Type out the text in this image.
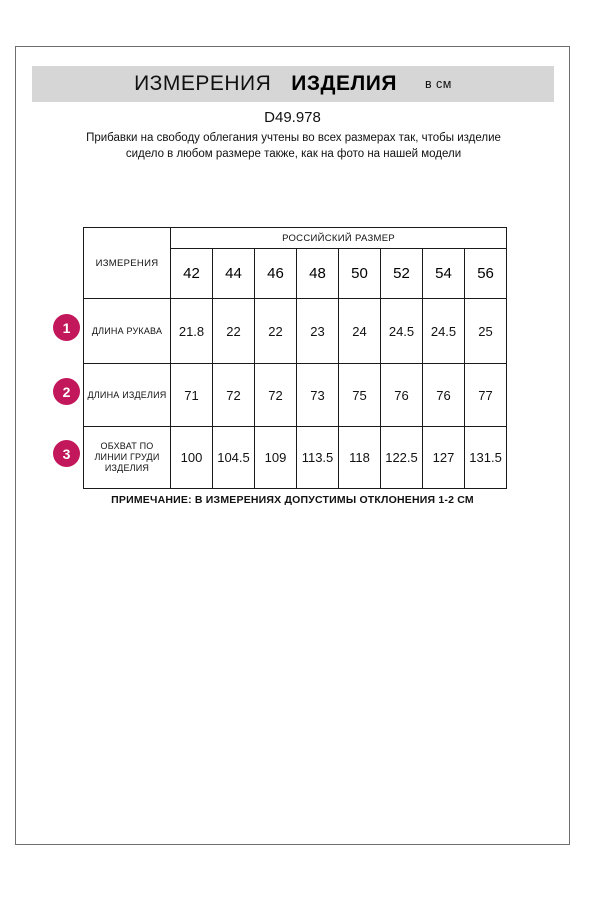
ИЗМЕРЕНИЯ ИЗДЕЛИЯ в см
D49.978
Прибавки на свободу облегания учтены во всех размерах так, чтобы изделие сидело в любом размере также, как на фото на нашей модели
1
2
3
ИЗМЕРЕНИЯ	РОССИЙСКИЙ РАЗМЕР							
	42	44	46	48	50	52	54	56
ДЛИНА РУКАВА	21.8	22	22	23	24	24.5	24.5	25
ДЛИНА ИЗДЕЛИЯ	71	72	72	73	75	76	76	77
ОБХВАТ ПО ЛИНИИ ГРУДИ ИЗДЕЛИЯ	100	104.5	109	113.5	118	122.5	127	131.5
ПРИМЕЧАНИЕ: В ИЗМЕРЕНИЯХ ДОПУСТИМЫ ОТКЛОНЕНИЯ 1-2 СМ
